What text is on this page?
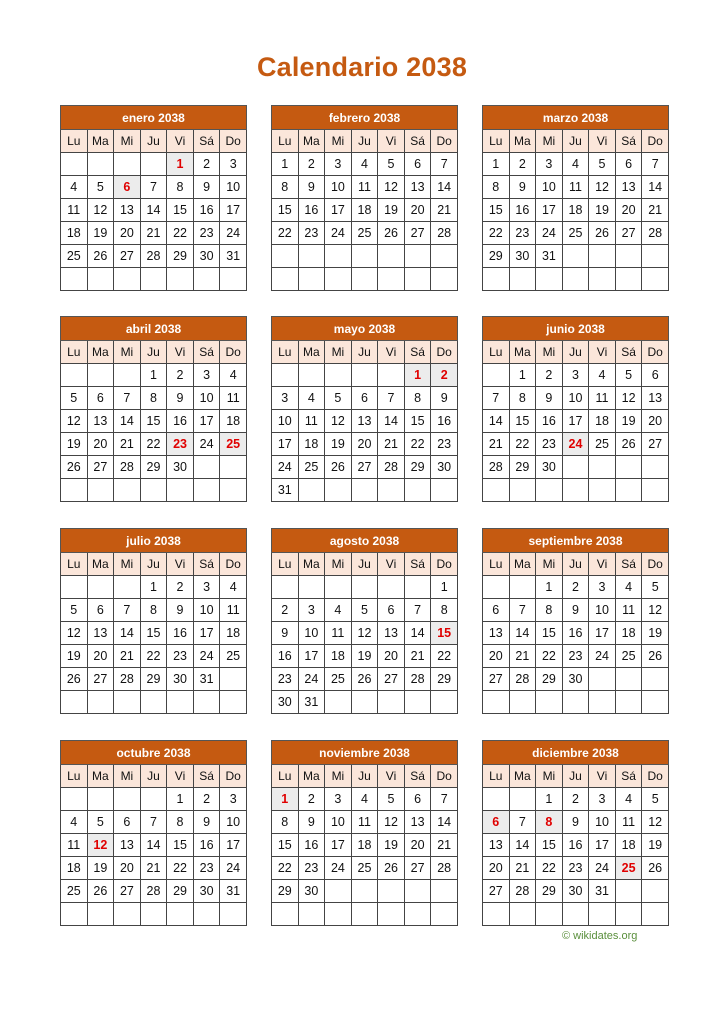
Calendario 2038
enero 2038						
Lu	Ma	Mi	Ju	Vi	Sá	Do
				1	2	3
4	5	6	7	8	9	10
11	12	13	14	15	16	17
18	19	20	21	22	23	24
25	26	27	28	29	30	31

febrero 2038						
Lu	Ma	Mi	Ju	Vi	Sá	Do
1	2	3	4	5	6	7
8	9	10	11	12	13	14
15	16	17	18	19	20	21
22	23	24	25	26	27	28

marzo 2038						
Lu	Ma	Mi	Ju	Vi	Sá	Do
1	2	3	4	5	6	7
8	9	10	11	12	13	14
15	16	17	18	19	20	21
22	23	24	25	26	27	28
29	30	31				

abril 2038						
Lu	Ma	Mi	Ju	Vi	Sá	Do
			1	2	3	4
5	6	7	8	9	10	11
12	13	14	15	16	17	18
19	20	21	22	23	24	25
26	27	28	29	30		

mayo 2038						
Lu	Ma	Mi	Ju	Vi	Sá	Do
					1	2
3	4	5	6	7	8	9
10	11	12	13	14	15	16
17	18	19	20	21	22	23
24	25	26	27	28	29	30
31						
junio 2038						
Lu	Ma	Mi	Ju	Vi	Sá	Do
	1	2	3	4	5	6
7	8	9	10	11	12	13
14	15	16	17	18	19	20
21	22	23	24	25	26	27
28	29	30				

julio 2038						
Lu	Ma	Mi	Ju	Vi	Sá	Do
			1	2	3	4
5	6	7	8	9	10	11
12	13	14	15	16	17	18
19	20	21	22	23	24	25
26	27	28	29	30	31	

agosto 2038						
Lu	Ma	Mi	Ju	Vi	Sá	Do
						1
2	3	4	5	6	7	8
9	10	11	12	13	14	15
16	17	18	19	20	21	22
23	24	25	26	27	28	29
30	31					
septiembre 2038						
Lu	Ma	Mi	Ju	Vi	Sá	Do
		1	2	3	4	5
6	7	8	9	10	11	12
13	14	15	16	17	18	19
20	21	22	23	24	25	26
27	28	29	30			

octubre 2038						
Lu	Ma	Mi	Ju	Vi	Sá	Do
				1	2	3
4	5	6	7	8	9	10
11	12	13	14	15	16	17
18	19	20	21	22	23	24
25	26	27	28	29	30	31

noviembre 2038						
Lu	Ma	Mi	Ju	Vi	Sá	Do
1	2	3	4	5	6	7
8	9	10	11	12	13	14
15	16	17	18	19	20	21
22	23	24	25	26	27	28
29	30					

diciembre 2038						
Lu	Ma	Mi	Ju	Vi	Sá	Do
		1	2	3	4	5
6	7	8	9	10	11	12
13	14	15	16	17	18	19
20	21	22	23	24	25	26
27	28	29	30	31		

© wikidates.org
